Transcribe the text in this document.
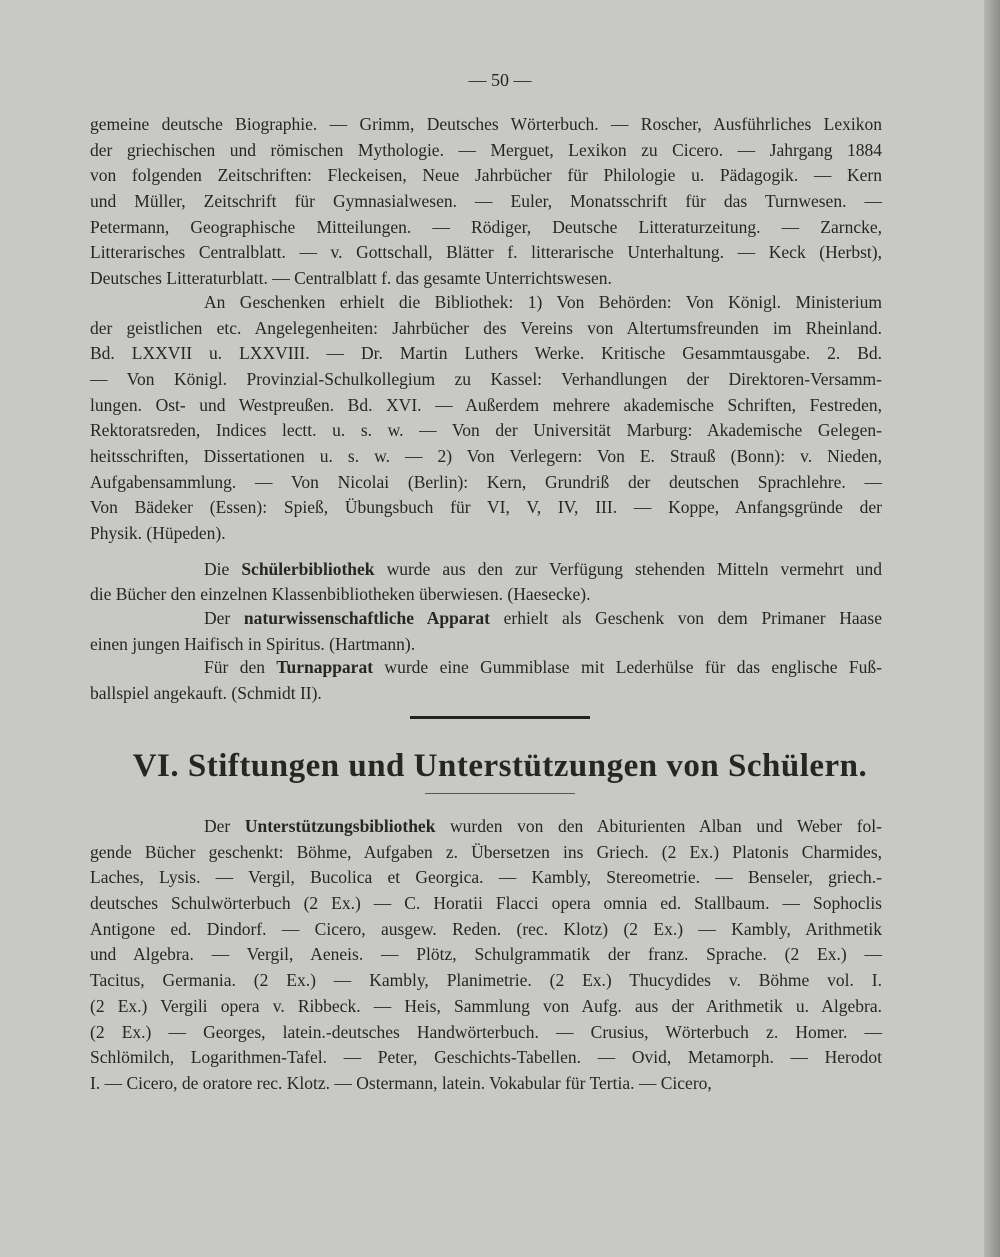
— 50 —
gemeine deutsche Biographie. — Grimm, Deutsches Wörterbuch. — Roscher, Ausführliches Lexikon
der griechischen und römischen Mythologie. — Merguet, Lexikon zu Cicero. — Jahrgang 1884
von folgenden Zeitschriften: Fleckeisen, Neue Jahrbücher für Philologie u. Pädagogik. — Kern
und Müller, Zeitschrift für Gymnasialwesen. — Euler, Monatsschrift für das Turnwesen. —
Petermann, Geographische Mitteilungen. — Rödiger, Deutsche Litteraturzeitung. — Zarncke,
Litterarisches Centralblatt. — v. Gottschall, Blätter f. litterarische Unterhaltung. — Keck (Herbst),
Deutsches Litteraturblatt. — Centralblatt f. das gesamte Unterrichtswesen.
An Geschenken erhielt die Bibliothek: 1) Von Behörden: Von Königl. Ministerium
der geistlichen etc. Angelegenheiten: Jahrbücher des Vereins von Altertumsfreunden im Rheinland.
Bd. LXXVII u. LXXVIII. — Dr. Martin Luthers Werke. Kritische Gesammtausgabe. 2. Bd.
— Von Königl. Provinzial-Schulkollegium zu Kassel: Verhandlungen der Direktoren-Versamm-
lungen. Ost- und Westpreußen. Bd. XVI. — Außerdem mehrere akademische Schriften, Festreden,
Rektoratsreden, Indices lectt. u. s. w. — Von der Universität Marburg: Akademische Gelegen-
heitsschriften, Dissertationen u. s. w. — 2) Von Verlegern: Von E. Strauß (Bonn): v. Nieden,
Aufgabensammlung. — Von Nicolai (Berlin): Kern, Grundriß der deutschen Sprachlehre. —
Von Bädeker (Essen): Spieß, Übungsbuch für VI, V, IV, III. — Koppe, Anfangsgründe der
Physik. (Hüpeden).
Die Schülerbibliothek wurde aus den zur Verfügung stehenden Mitteln vermehrt und
die Bücher den einzelnen Klassenbibliotheken überwiesen. (Haesecke).
Der naturwissenschaftliche Apparat erhielt als Geschenk von dem Primaner Haase
einen jungen Haifisch in Spiritus. (Hartmann).
Für den Turnapparat wurde eine Gummiblase mit Lederhülse für das englische Fuß-
ballspiel angekauft. (Schmidt II).
VI. Stiftungen und Unterstützungen von Schülern.
Der Unterstützungsbibliothek wurden von den Abiturienten Alban und Weber fol-
gende Bücher geschenkt: Böhme, Aufgaben z. Übersetzen ins Griech. (2 Ex.) Platonis Charmides,
Laches, Lysis. — Vergil, Bucolica et Georgica. — Kambly, Stereometrie. — Benseler, griech.-
deutsches Schulwörterbuch (2 Ex.) — C. Horatii Flacci opera omnia ed. Stallbaum. — Sophoclis
Antigone ed. Dindorf. — Cicero, ausgew. Reden. (rec. Klotz) (2 Ex.) — Kambly, Arithmetik
und Algebra. — Vergil, Aeneis. — Plötz, Schulgrammatik der franz. Sprache. (2 Ex.) —
Tacitus, Germania. (2 Ex.) — Kambly, Planimetrie. (2 Ex.) Thucydides v. Böhme vol. I.
(2 Ex.) Vergili opera v. Ribbeck. — Heis, Sammlung von Aufg. aus der Arithmetik u. Algebra.
(2 Ex.) — Georges, latein.-deutsches Handwörterbuch. — Crusius, Wörterbuch z. Homer. —
Schlömilch, Logarithmen-Tafel. — Peter, Geschichts-Tabellen. — Ovid, Metamorph. — Herodot
I. — Cicero, de oratore rec. Klotz. — Ostermann, latein. Vokabular für Tertia. — Cicero,
